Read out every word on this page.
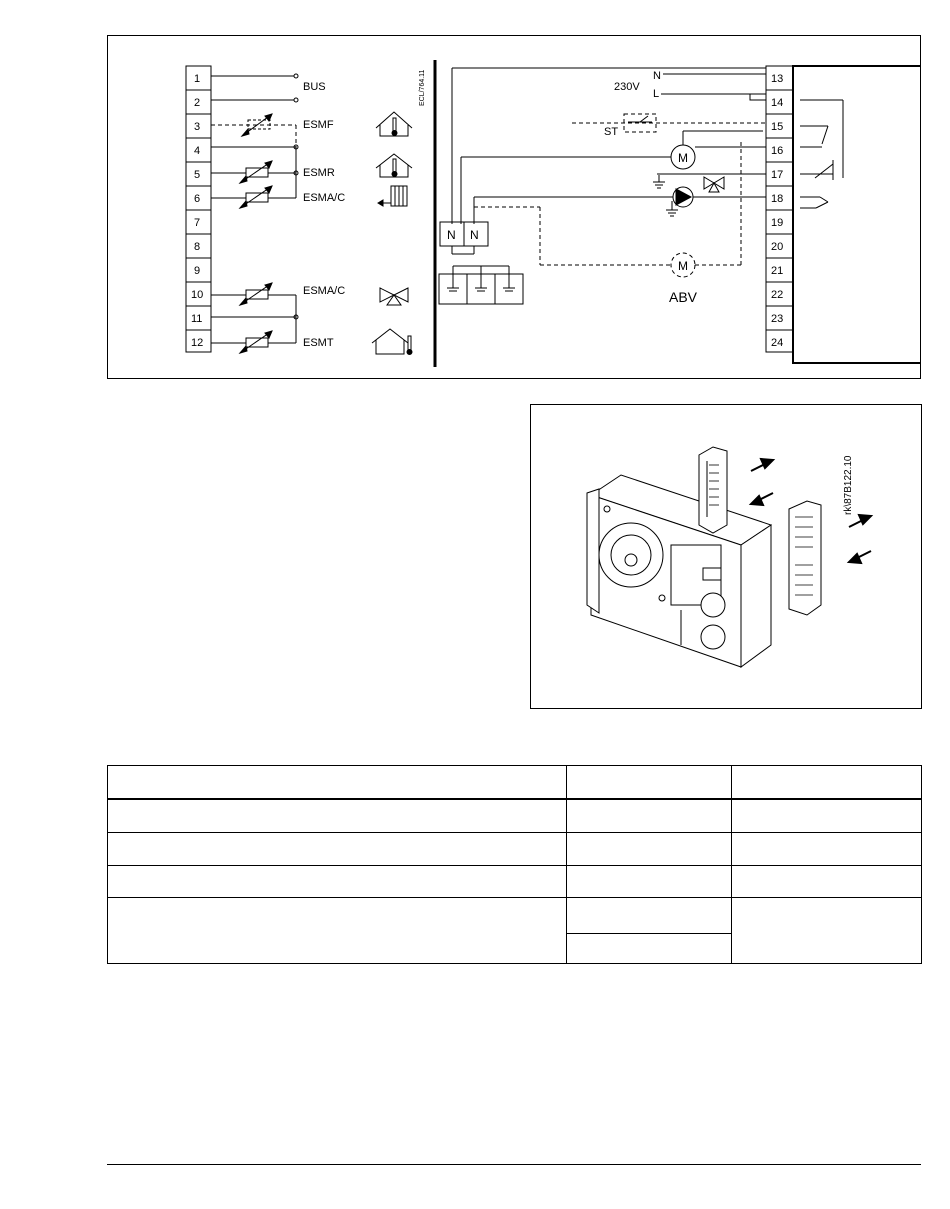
1
2
3
4
5
6
7
8
9
10
11
12
13
14
15
16
17
18
19
20
21
22
23
24
BUS
ESMF
ESMR
ESMA/C
ESMA/C
ESMT
ECL/764.11	N
230V
L
ST
M
M
ABV
N N
rk\87B122.10
